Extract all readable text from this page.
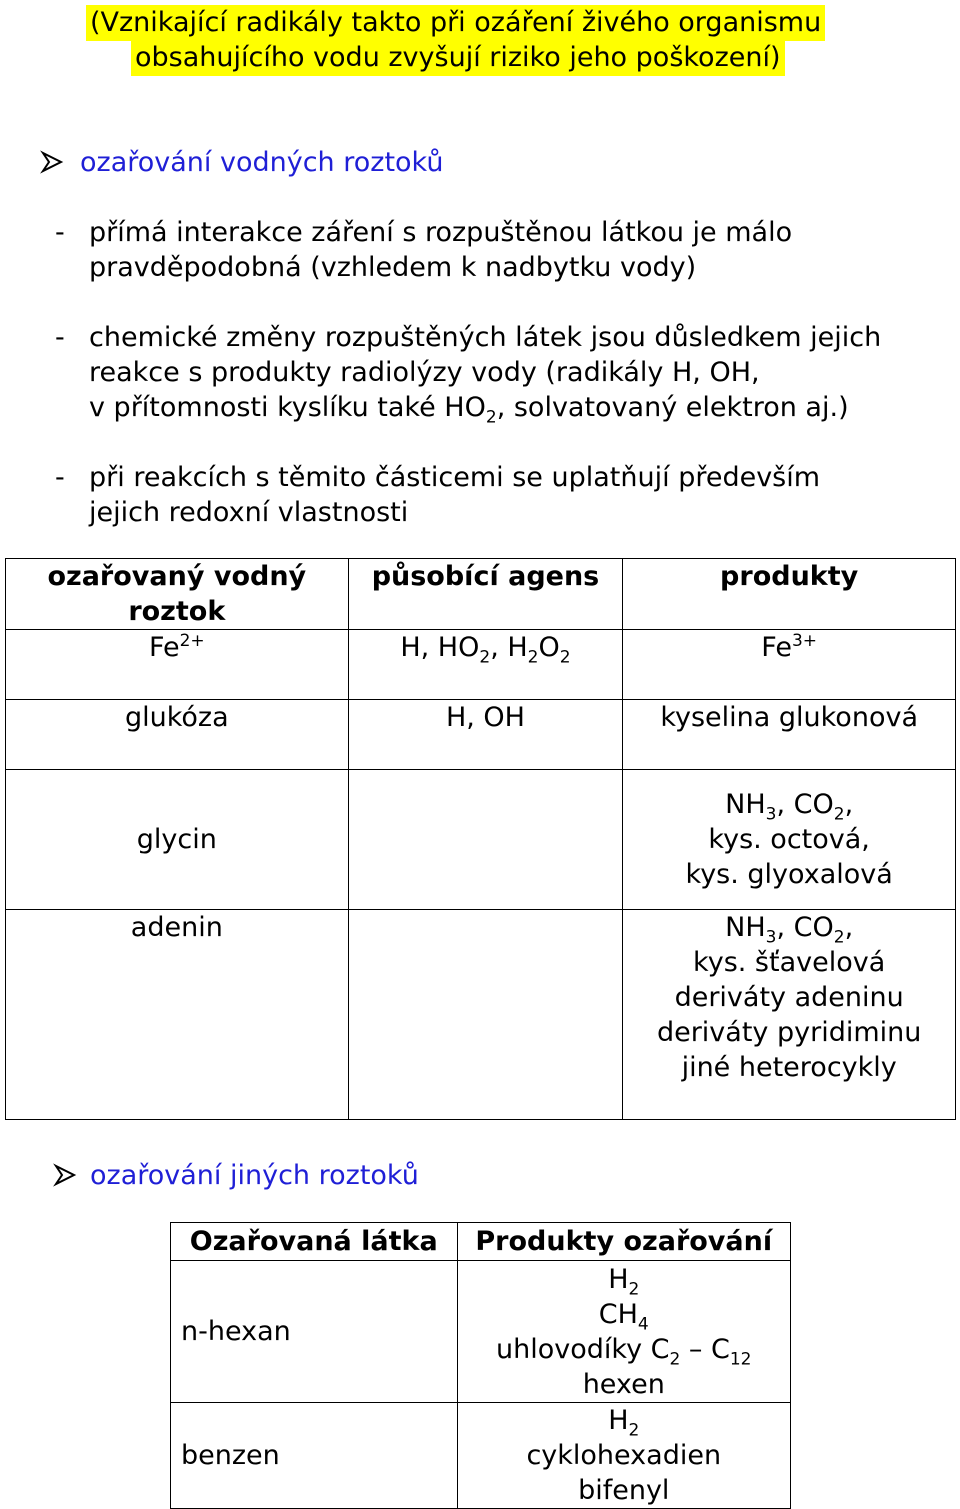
(Vznikající radikály takto při ozáření živého organismu
obsahujícího vodu zvyšují riziko jeho poškození)
ozařování vodných roztoků
- přímá interakce záření s rozpuštěnou látkou je málo
pravděpodobná (vzhledem k nadbytku vody)
- chemické změny rozpuštěných látek jsou důsledkem jejich
reakce s produkty radiolýzy vody (radikály H, OH,
v přítomnosti kyslíku také $HO_2$, solvatovaný elektron aj.)
- při reakcích s těmito částicemi se uplatňují především
jejich redoxní vlastnosti
ozařovaný vodný
roztok	působící agens	produkty
$Fe^{2+}$	H, $HO_2$, $H_2O_2$	$Fe^{3+}$
glukóza	H, OH	kyselina glukonová
glycin		$NH_3$, $CO_2$,
kys. octová,
kys. glyoxalová

adenin		$NH_3$, $CO_2$,
kys. šťavelová
deriváty adeninu
deriváty pyridiminu
jiné heterocykly
ozařování jiných roztoků
Ozařovaná látka	Produkty ozařování
n-hexan	$H_2$
$CH_4$
uhlovodíky $C_2 - C_{12}$
hexen

benzen	$H_2$
cyklohexadien
bifenyl
